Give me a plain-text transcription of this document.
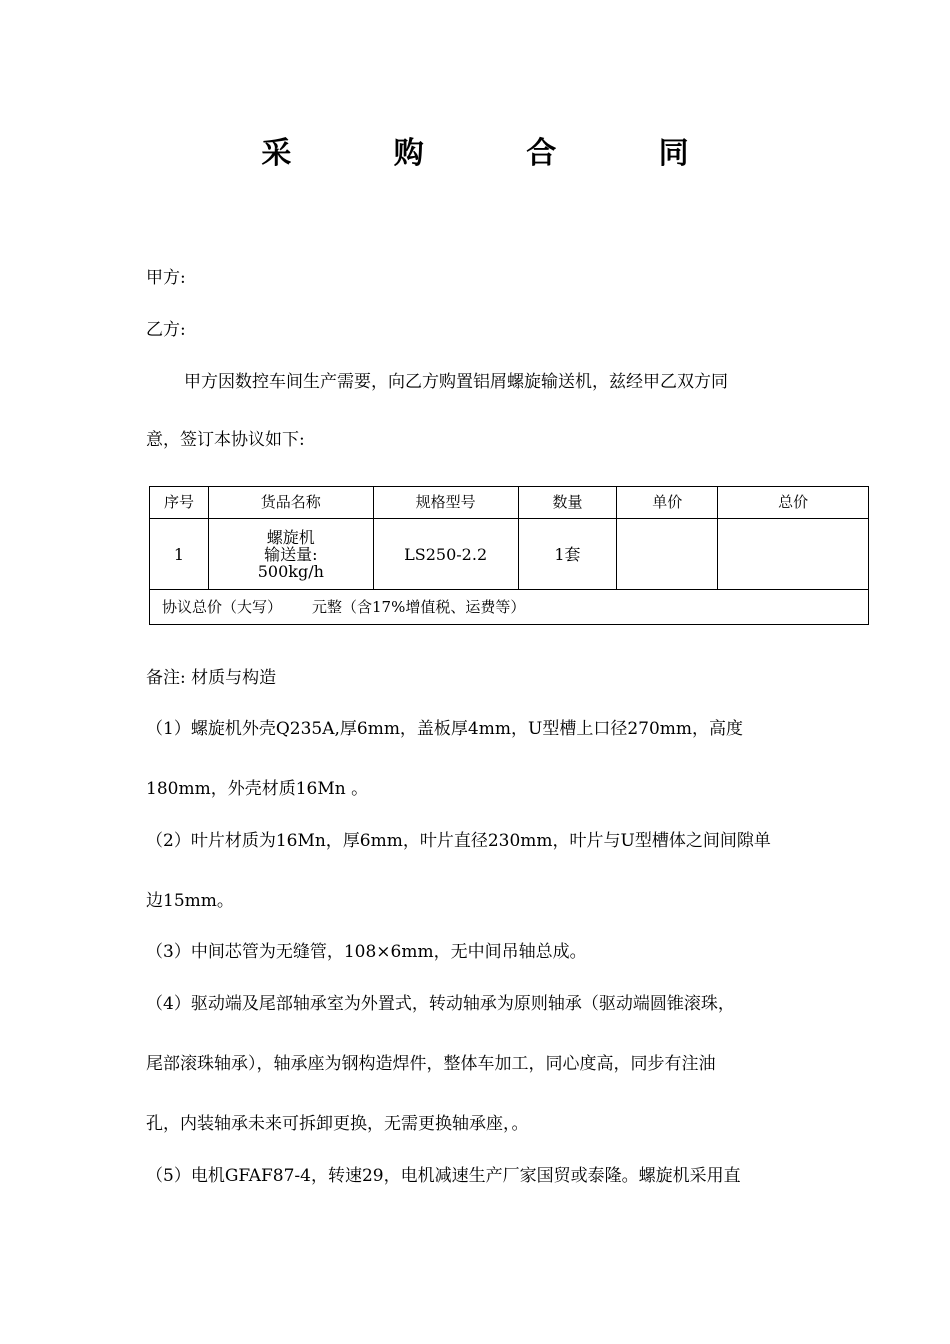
采 购 合 同
甲方:
乙方:
甲方因数控车间生产需要，向乙方购置铝屑螺旋输送机，兹经甲乙双方同
意，签订本协议如下:
序号	货品名称	规格型号	数量	单价	总价
1	螺旋机
输送量:
500kg/h	LS250-2.2	1套		
协议总价（大写） 元整（含17%增值税、运费等）					
备注: 材质与构造
（1）螺旋机外壳Q235A,厚6mm，盖板厚4mm，U型槽上口径270mm，高度
180mm，外壳材质16Mn 。
（2）叶片材质为16Mn，厚6mm，叶片直径230mm，叶片与U型槽体之间间隙单
边15mm。
（3）中间芯管为无缝管，108×6mm，无中间吊轴总成。
（4）驱动端及尾部轴承室为外置式，转动轴承为原则轴承（驱动端圆锥滚珠，
尾部滚珠轴承），轴承座为钢构造焊件，整体车加工，同心度高，同步有注油
孔，内装轴承未来可拆卸更换，无需更换轴承座，。
（5）电机GFAF87-4，转速29，电机减速生产厂家国贸或泰隆。螺旋机采用直
